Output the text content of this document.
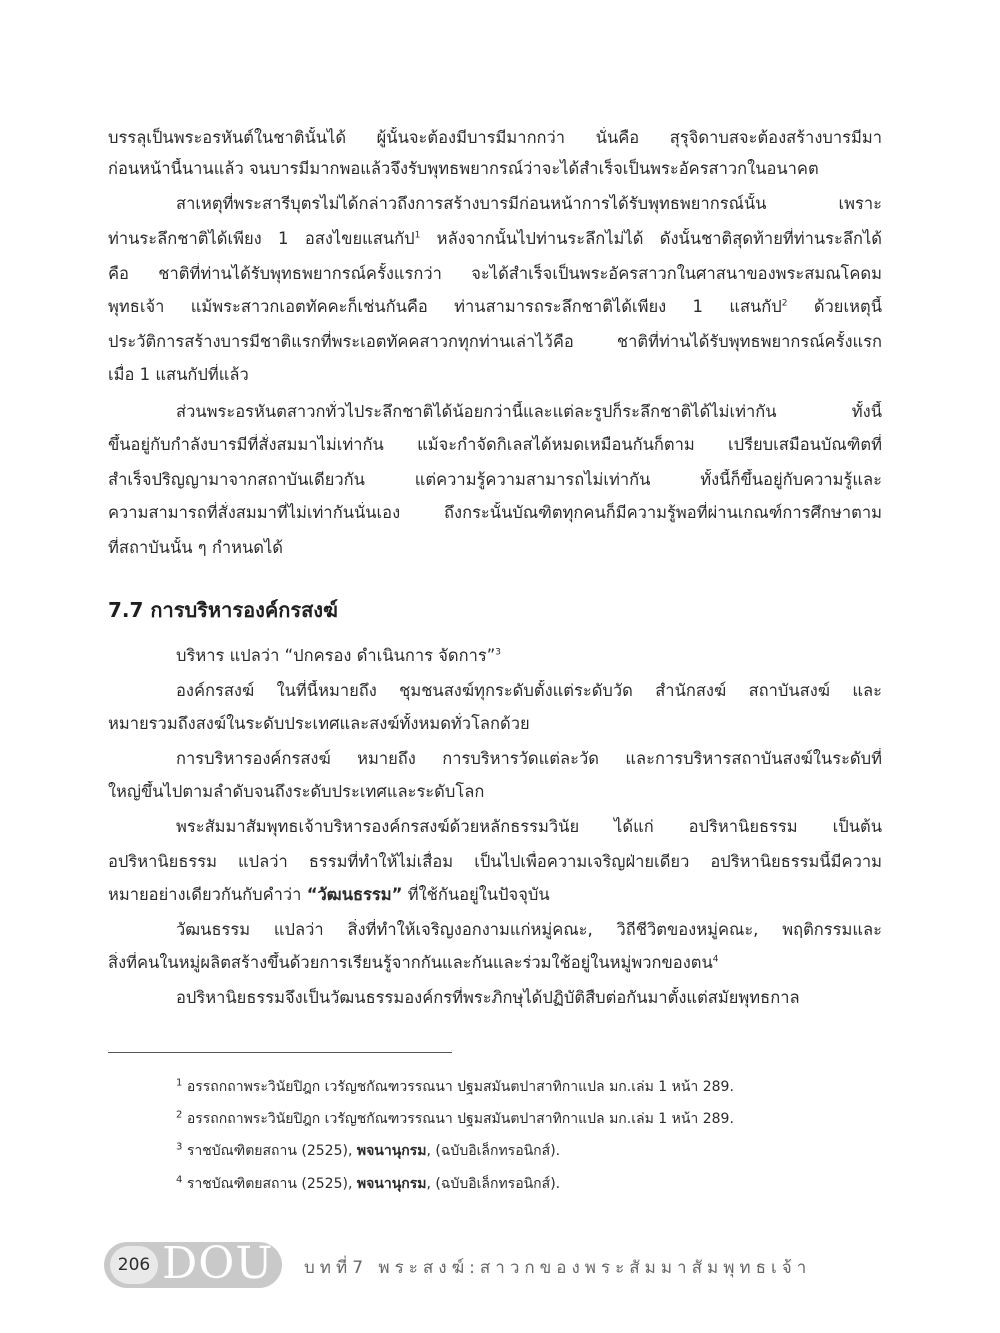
บรรลุเป็นพระอรหันต์ในชาตินั้นได้ ผู้นั้นจะต้องมีบารมีมากกว่า นั่นคือ สุรุจิดาบสจะต้องสร้างบารมีมา
ก่อนหน้านี้นานแล้ว จนบารมีมากพอแล้วจึงรับพุทธพยากรณ์ว่าจะได้สำเร็จเป็นพระอัครสาวกในอนาคต
สาเหตุที่พระสารีบุตรไม่ได้กล่าวถึงการสร้างบารมีก่อนหน้าการได้รับพุทธพยากรณ์นั้น เพราะ
ท่านระลึกชาติได้เพียง 1 อสงไขยแสนกัป$^1$ หลังจากนั้นไปท่านระลึกไม่ได้ ดังนั้นชาติสุดท้ายที่ท่านระลึกได้
คือ ชาติที่ท่านได้รับพุทธพยากรณ์ครั้งแรกว่า จะได้สำเร็จเป็นพระอัครสาวกในศาสนาของพระสมณโคดม
พุทธเจ้า แม้พระสาวกเอตทัคคะก็เช่นกันคือ ท่านสามารถระลึกชาติได้เพียง 1 แสนกัป$^2$ ด้วยเหตุนี้
ประวัติการสร้างบารมีชาติแรกที่พระเอตทัคคสาวกทุกท่านเล่าไว้คือ ชาติที่ท่านได้รับพุทธพยากรณ์ครั้งแรก
เมื่อ 1 แสนกัปที่แล้ว
ส่วนพระอรหันตสาวกทั่วไประลึกชาติได้น้อยกว่านี้และแต่ละรูปก็ระลึกชาติได้ไม่เท่ากัน ทั้งนี้
ขึ้นอยู่กับกำลังบารมีที่สั่งสมมาไม่เท่ากัน แม้จะกำจัดกิเลสได้หมดเหมือนกันก็ตาม เปรียบเสมือนบัณฑิตที่
สำเร็จปริญญามาจากสถาบันเดียวกัน แต่ความรู้ความสามารถไม่เท่ากัน ทั้งนี้ก็ขึ้นอยู่กับความรู้และ
ความสามารถที่สั่งสมมาที่ไม่เท่ากันนั่นเอง ถึงกระนั้นบัณฑิตทุกคนก็มีความรู้พอที่ผ่านเกณฑ์การศึกษาตาม
ที่สถาบันนั้น ๆ กำหนดได้
7.7 การบริหารองค์กรสงฆ์
บริหาร แปลว่า “ปกครอง ดำเนินการ จัดการ”$^3$
องค์กรสงฆ์ ในที่นี้หมายถึง ชุมชนสงฆ์ทุกระดับตั้งแต่ระดับวัด สำนักสงฆ์ สถาบันสงฆ์ และ
หมายรวมถึงสงฆ์ในระดับประเทศและสงฆ์ทั้งหมดทั่วโลกด้วย
การบริหารองค์กรสงฆ์ หมายถึง การบริหารวัดแต่ละวัด และการบริหารสถาบันสงฆ์ในระดับที่
ใหญ่ขึ้นไปตามลำดับจนถึงระดับประเทศและระดับโลก
พระสัมมาสัมพุทธเจ้าบริหารองค์กรสงฆ์ด้วยหลักธรรมวินัย ได้แก่ อปริหานิยธรรม เป็นต้น
อปริหานิยธรรม แปลว่า ธรรมที่ทำให้ไม่เสื่อม เป็นไปเพื่อความเจริญฝ่ายเดียว อปริหานิยธรรมนี้มีความ
หมายอย่างเดียวกันกับคำว่า “วัฒนธรรม” ที่ใช้กันอยู่ในปัจจุบัน
วัฒนธรรม แปลว่า สิ่งที่ทำให้เจริญงอกงามแก่หมู่คณะ, วิถีชีวิตของหมู่คณะ, พฤติกรรมและ
สิ่งที่คนในหมู่ผลิตสร้างขึ้นด้วยการเรียนรู้จากกันและกันและร่วมใช้อยู่ในหมู่พวกของตน$^4$
อปริหานิยธรรมจึงเป็นวัฒนธรรมองค์กรที่พระภิกษุได้ปฏิบัติสืบต่อกันมาตั้งแต่สมัยพุทธกาล
$^1$ อรรถกถาพระวินัยปิฎก เวรัญชกัณฑวรรณนา ปฐมสมันตปาสาทิกาแปล มก.เล่ม 1 หน้า 289.
$^2$ อรรถกถาพระวินัยปิฎก เวรัญชกัณฑวรรณนา ปฐมสมันตปาสาทิกาแปล มก.เล่ม 1 หน้า 289.
$^3$ ราชบัณฑิตยสถาน (2525), พจนานุกรม, (ฉบับอิเล็กทรอนิกส์).
$^4$ ราชบัณฑิตยสถาน (2525), พจนานุกรม, (ฉบับอิเล็กทรอนิกส์).
206 DOU บทที่7 พระสงฆ์:สาวกของพระสัมมาสัมพุทธเจ้า
